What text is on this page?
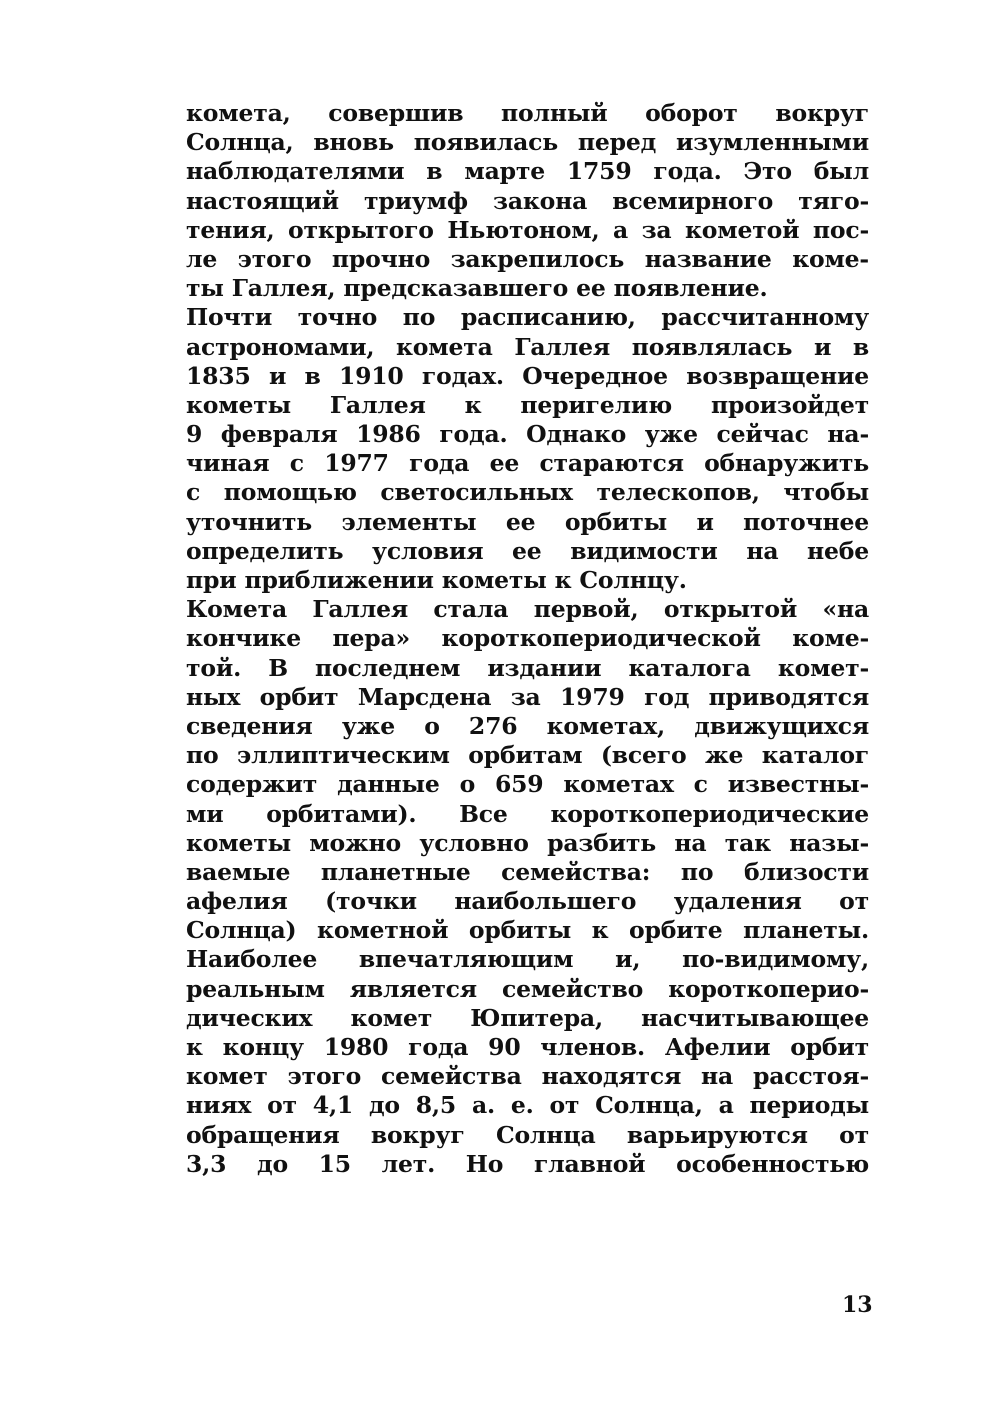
комета, совершив полный оборот вокруг
Солнца, вновь появилась перед изумленными
наблюдателями в марте 1759 года. Это был
настоящий триумф закона всемирного тяго-
тения, открытого Ньютоном, а за кометой пос-
ле этого прочно закрепилось название коме-
ты Галлея, предсказавшего ее появление.
Почти точно по расписанию, рассчитанному
астрономами, комета Галлея появлялась и в
1835 и в 1910 годах. Очередное возвращение
кометы Галлея к перигелию произойдет
9 февраля 1986 года. Однако уже сейчас на-
чиная с 1977 года ее стараются обнаружить
с помощью светосильных телескопов, чтобы
уточнить элементы ее орбиты и поточнее
определить условия ее видимости на небе
при приближении кометы к Солнцу.
Комета Галлея стала первой, открытой «на
кончике пера» короткопериодической коме-
той. В последнем издании каталога комет-
ных орбит Марсдена за 1979 год приводятся
сведения уже о 276 кометах, движущихся
по эллиптическим орбитам (всего же каталог
содержит данные о 659 кометах с известны-
ми орбитами). Все короткопериодические
кометы можно условно разбить на так назы-
ваемые планетные семейства: по близости
афелия (точки наибольшего удаления от
Солнца) кометной орбиты к орбите планеты.
Наиболее впечатляющим и, по-видимому,
реальным является семейство короткоперио-
дических комет Юпитера, насчитывающее
к концу 1980 года 90 членов. Афелии орбит
комет этого семейства находятся на расстоя-
ниях от 4,1 до 8,5 а. е. от Солнца, а периоды
обращения вокруг Солнца варьируются от
3,3 до 15 лет. Но главной особенностью
13
